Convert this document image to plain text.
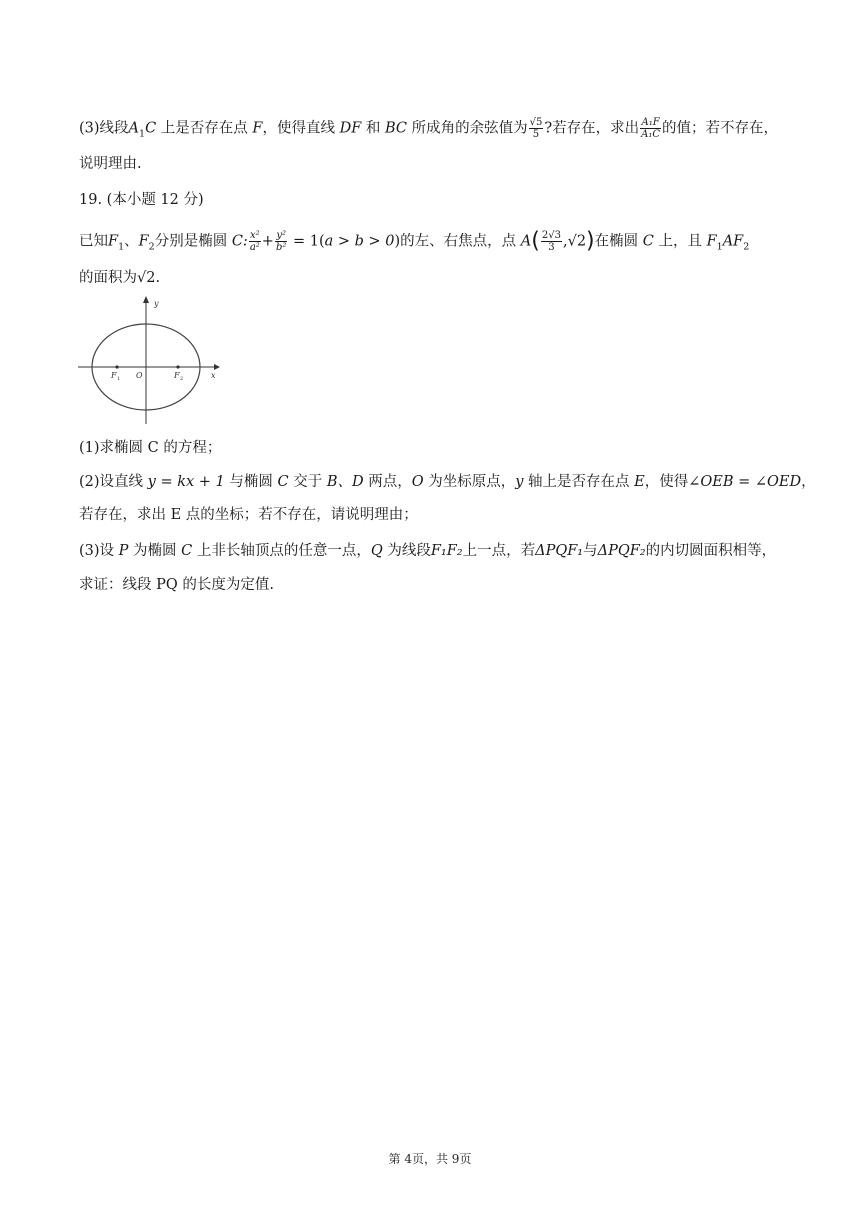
(3)线段$A_1C$ 上是否存在点 F，使得直线 DF 和 BC 所成角的余弦值为 $\frac{√5}{5}$ ?若存在，求出 $\frac{\text{A₁F}}{\text{A₁C}}$ 的值；若不存在，
说明理由.
19. (本小题 12 分)
已知$F_1$、$F_2$分别是椭圆 C: $\frac{\text{x²}}{\text{a²}} + \frac{\text{y²}}{\text{b²}} = 1(a > b > 0)$的左、右焦点，点 $A( \frac{2√3}{3} ,√2)$在椭圆 C 上，且 $F_1AF_2$
的面积为√2.
y
x
O
F 1	F 2
(1)求椭圆 C 的方程；
(2)设直线 y = kx + 1 与椭圆 C 交于 B、D 两点，O 为坐标原点，y 轴上是否存在点 E，使得∠OEB = ∠OED，
若存在，求出 E 点的坐标；若不存在，请说明理由；
(3)设 P 为椭圆 C 上非长轴顶点的任意一点，Q 为线段F₁F₂上一点，若ΔPQF₁与ΔPQF₂的内切圆面积相等，
求证：线段 PQ 的长度为定值.
第 4页，共 9页
